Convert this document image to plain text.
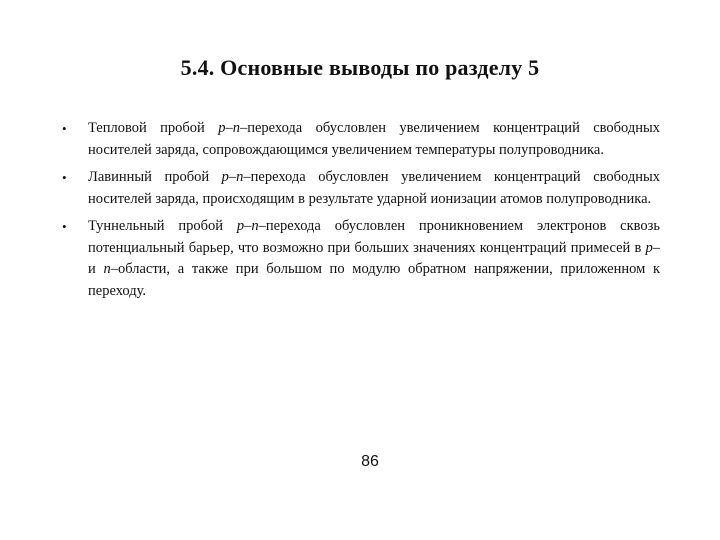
5.4. Основные выводы по разделу 5
• Тепловой пробой р–n–перехода обусловлен увеличением концентраций свободных носителей заряда, сопровождающимся увеличением температуры полупроводника.
• Лавинный пробой р–n–перехода обусловлен увеличением концентраций свободных носителей заряда, происходящим в результате ударной ионизации атомов полупроводника.
• Туннельный пробой р–n–перехода обусловлен проникновением электронов сквозь потенциальный барьер, что возможно при больших значениях концентраций примесей в р– и n–области, а также при большом по модулю обратном напряжении, приложенном к переходу.
86
